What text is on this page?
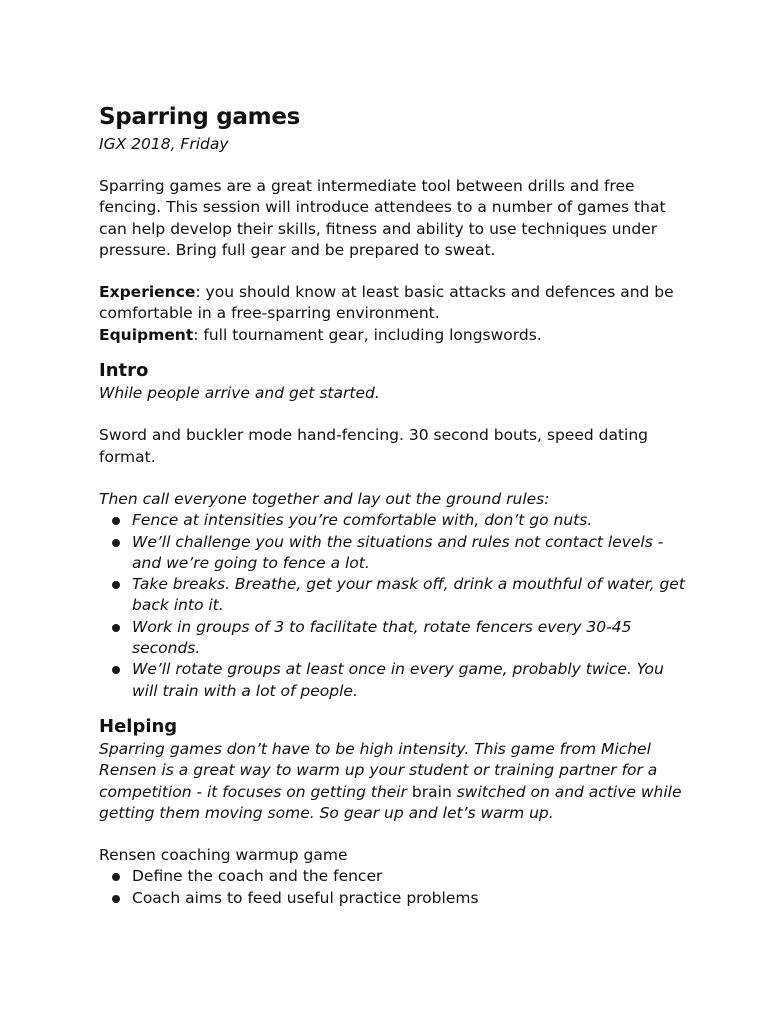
Sparring games
IGX 2018, Friday

Sparring games are a great intermediate tool between drills and free fencing. This session will introduce attendees to a number of games that can help develop their skills, fitness and ability to use techniques under pressure. Bring full gear and be prepared to sweat.

Experience: you should know at least basic attacks and defences and be comfortable in a free-sparring environment.

Equipment: full tournament gear, including longswords.

Intro

While people arrive and get started.

Sword and buckler mode hand-fencing. 30 second bouts, speed dating format.

Then call everyone together and lay out the ground rules:

Fence at intensities you’re comfortable with, don’t go nuts.
We’ll challenge you with the situations and rules not contact levels - and we’re going to fence a lot.
Take breaks. Breathe, get your mask off, drink a mouthful of water, get back into it.
Work in groups of 3 to facilitate that, rotate fencers every 30-45 seconds.
We’ll rotate groups at least once in every game, probably twice. You will train with a lot of people.
Helping

Sparring games don’t have to be high intensity. This game from Michel Rensen is a great way to warm up your student or training partner for a competition - it focuses on getting their brain switched on and active while getting them moving some. So gear up and let’s warm up.

Rensen coaching warmup game

Define the coach and the fencer
Coach aims to feed useful practice problems
